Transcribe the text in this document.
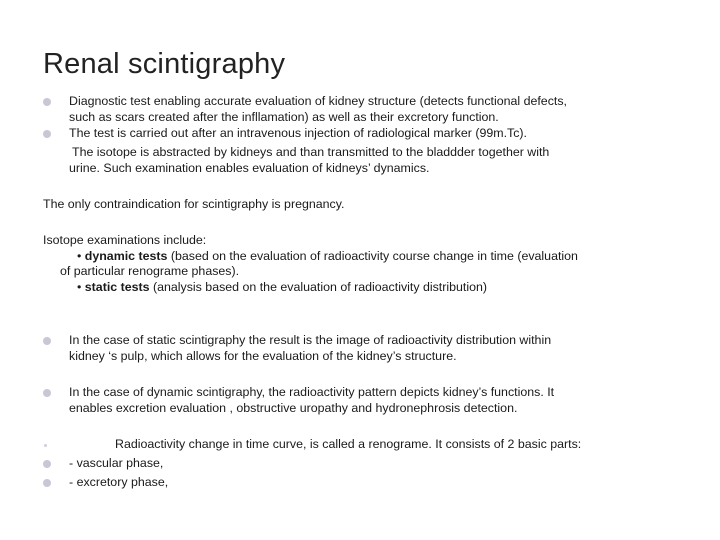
Renal scintigraphy
Diagnostic test enabling accurate evaluation of kidney structure (detects functional defects,
such as scars created after the infllamation) as well as their excretory function.
The test is carried out after an intravenous injection of radiological marker (99m.Tc).
The isotope is abstracted by kidneys and than transmitted to the bladdder together with
urine. Such examination enables evaluation of kidneys’ dynamics.
The only contraindication for scintigraphy is pregnancy.
Isotope examinations include:
• dynamic tests (based on the evaluation of radioactivity course change in time (evaluation
of particular renograme phases).
• static tests (analysis based on the evaluation of radioactivity distribution)
In the case of static scintigraphy the result is the image of radioactivity distribution within
kidney ‘s pulp, which allows for the evaluation of the kidney’s structure.
In the case of dynamic scintigraphy, the radioactivity pattern depicts kidney’s functions. It
enables excretion evaluation , obstructive uropathy and hydronephrosis detection.
Radioactivity change in time curve, is called a renograme. It consists of 2 basic parts:
- vascular phase,
- excretory phase,
